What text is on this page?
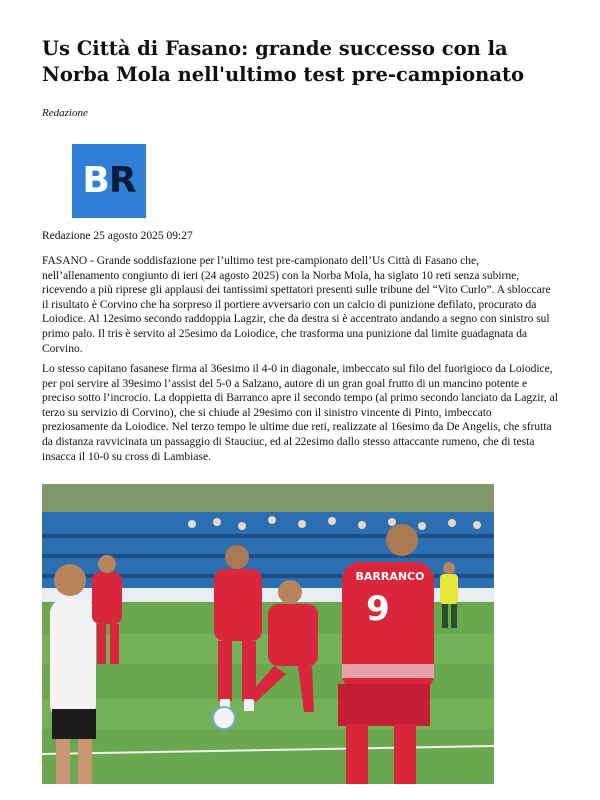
Us Città di Fasano: grande successo con la Norba Mola nell'ultimo test pre-campionato
Redazione
BR
Redazione 25 agosto 2025 09:27

FASANO - Grande soddisfazione per l’ultimo test pre-campionato dell’Us Città di Fasano che, nell’allenamento congiunto di ieri (24 agosto 2025) con la Norba Mola, ha siglato 10 reti senza subirne, ricevendo a più riprese gli applausi dei tantissimi spettatori presenti sulle tribune del “Vito Curlo”. A sbloccare il risultato è Corvino che ha sorpreso il portiere avversario con un calcio di punizione defilato, procurato da Loiodice. Al 12esimo secondo raddoppia Lagzir, che da destra si è accentrato andando a segno con sinistro sul primo palo. Il tris è servito al 25esimo da Loiodice, che trasforma una punizione dal limite guadagnata da Corvino.

Lo stesso capitano fasanese firma al 36esimo il 4-0 in diagonale, imbeccato sul filo del fuorigioco da Loiodice, per poi servire al 39esimo l’assist del 5-0 a Salzano, autore di un gran goal frutto di un mancino potente e preciso sotto l’incrocio. La doppietta di Barranco apre il secondo tempo (al primo secondo lanciato da Lagzir, al terzo su servizio di Corvino), che si chiude al 29esimo con il sinistro vincente di Pinto, imbeccato preziosamente da Loiodice. Nel terzo tempo le ultime due reti, realizzate al 16esimo da De Angelis, che sfrutta da distanza ravvicinata un passaggio di Stauciuc, ed al 22esimo dallo stesso attaccante rumeno, che di testa insacca il 10-0 su cross di Lambiase.

BARRANCO
9
